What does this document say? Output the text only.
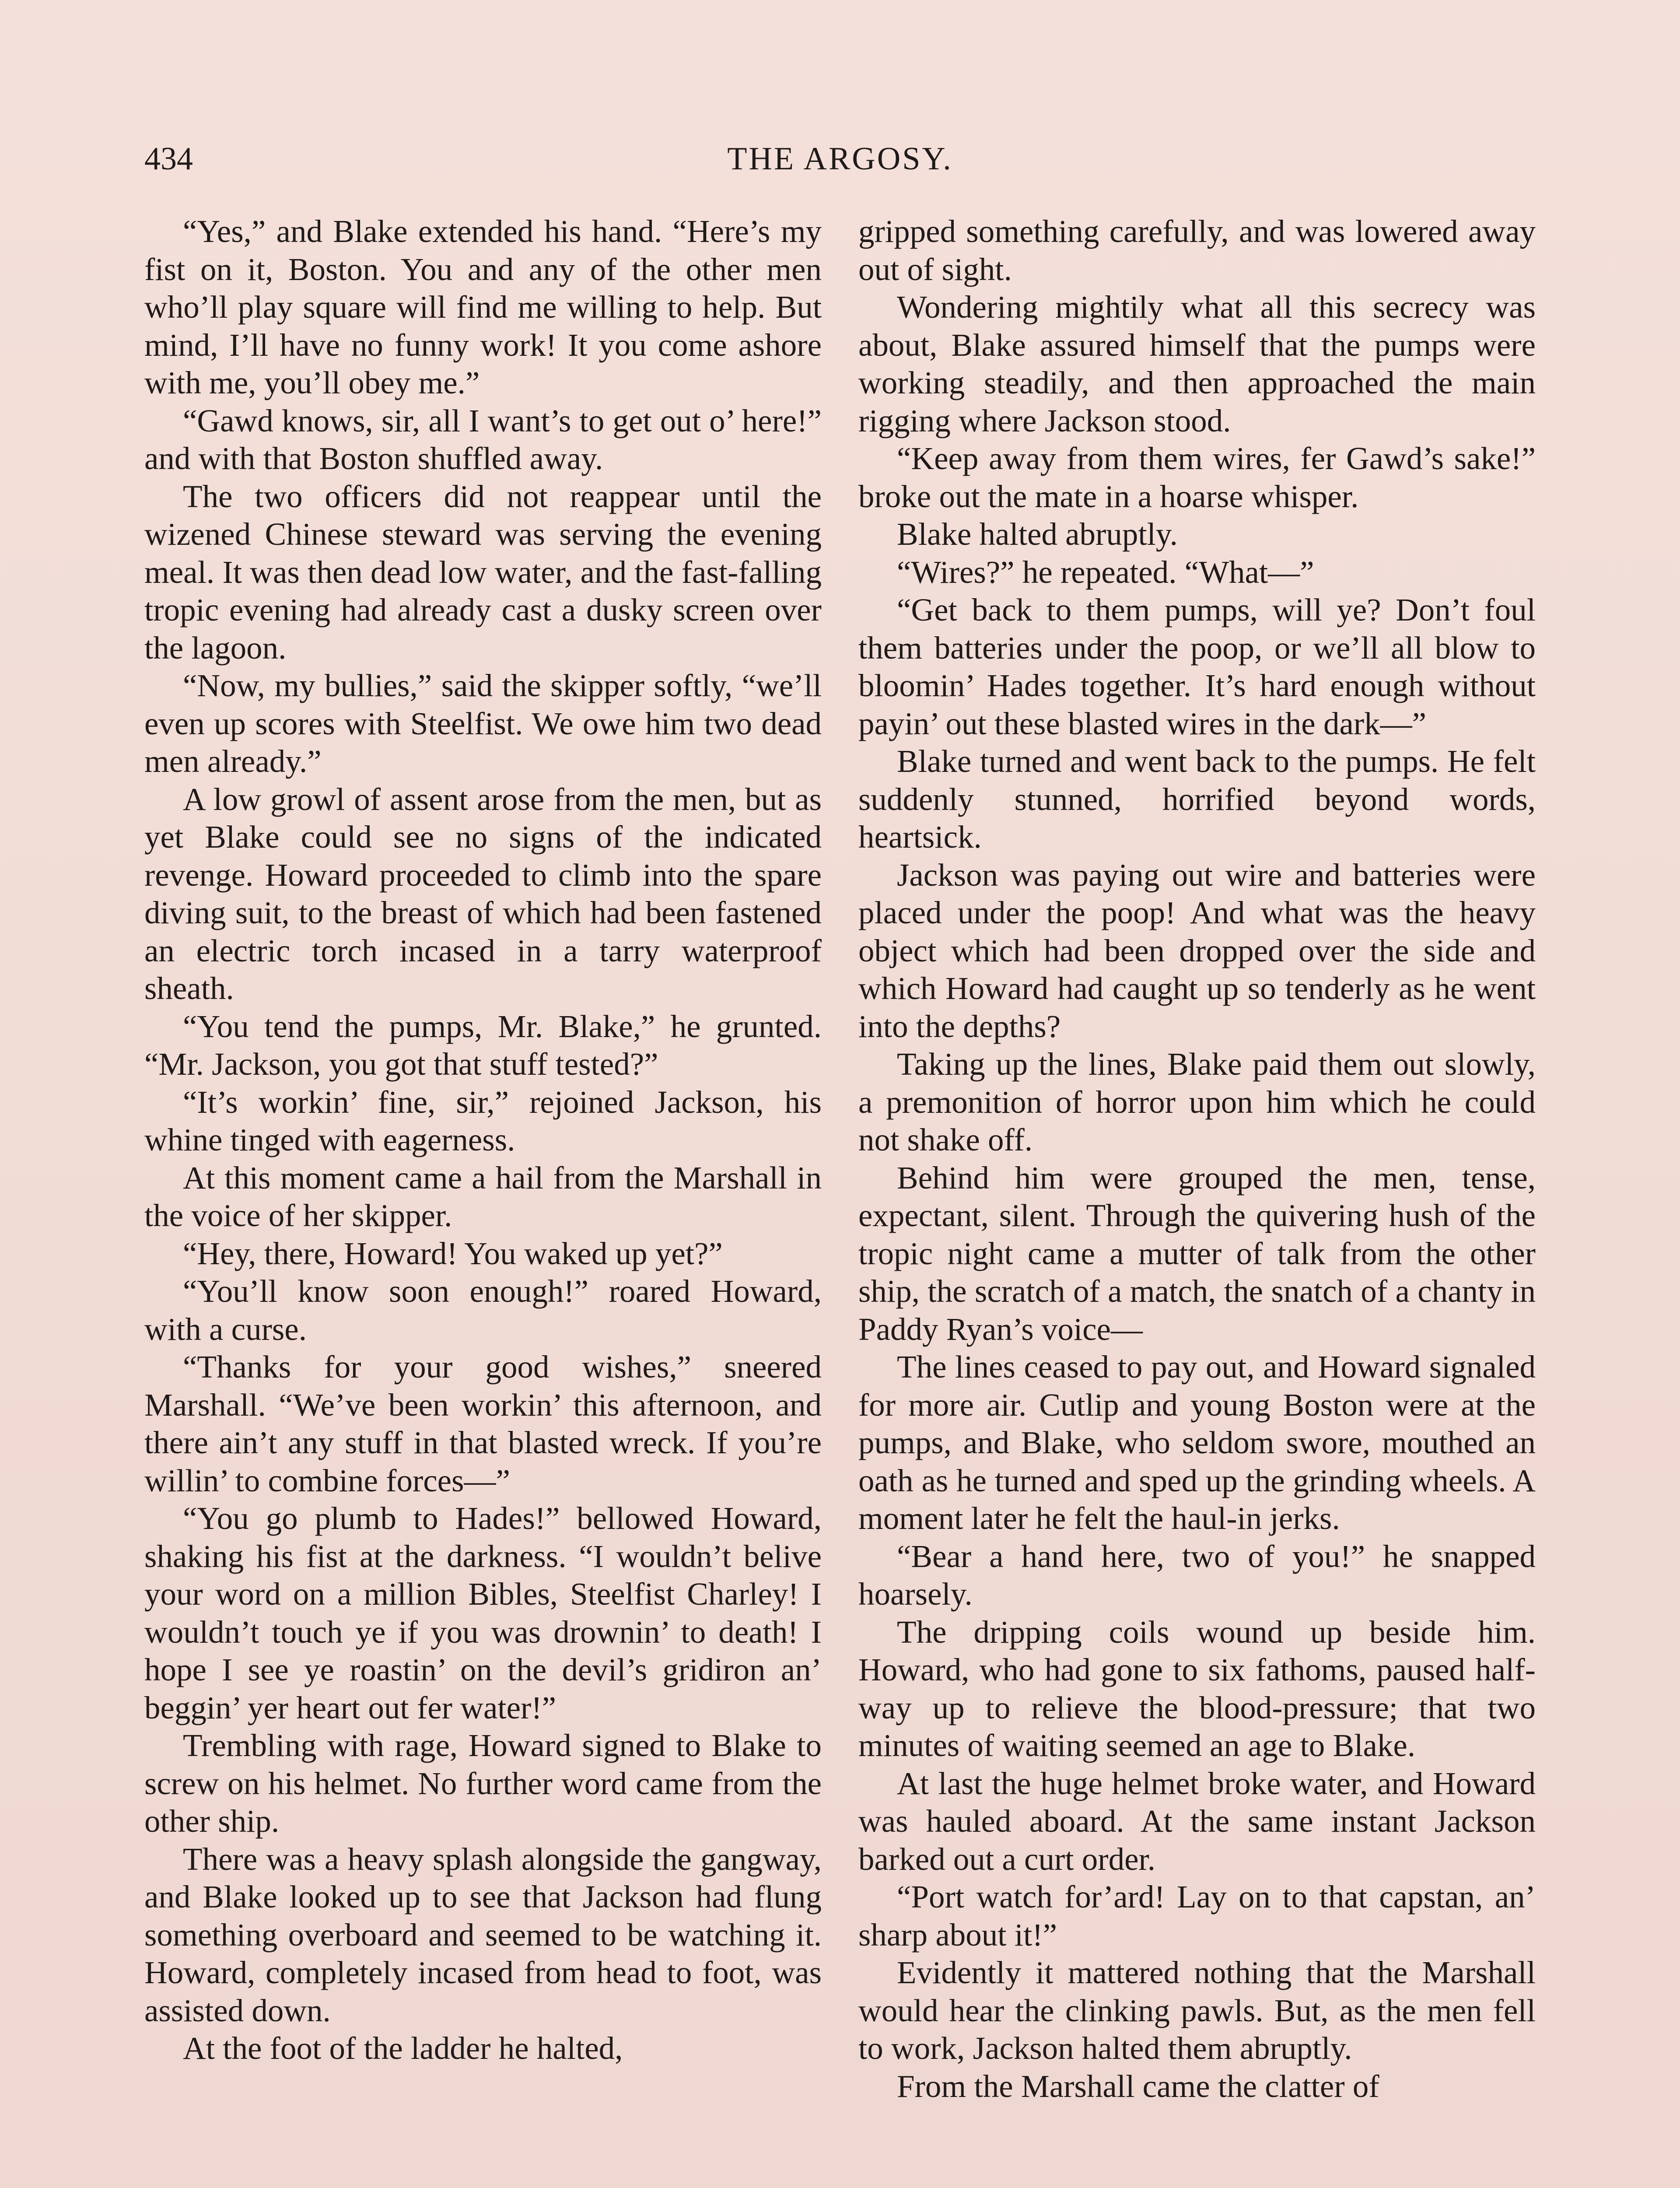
434	THE ARGOSY.

“Yes,” and Blake extended his hand. “Here’s my fist on it, Boston. You and any of the other men who’ll play square will find me willing to help. But mind, I’ll have no funny work! It you come ashore with me, you’ll obey me.”

“Gawd knows, sir, all I want’s to get out o’ here!” and with that Boston shuffled away.

The two officers did not reappear until the wizened Chinese steward was serving the evening meal. It was then dead low water, and the fast-falling tropic evening had already cast a dusky screen over the lagoon.

“Now, my bullies,” said the skipper softly, “we’ll even up scores with Steelfist. We owe him two dead men already.”

A low growl of assent arose from the men, but as yet Blake could see no signs of the indicated revenge. Howard proceeded to climb into the spare diving suit, to the breast of which had been fastened an electric torch incased in a tarry waterproof sheath.

“You tend the pumps, Mr. Blake,” he grunted. “Mr. Jackson, you got that stuff tested?”

“It’s workin’ fine, sir,” rejoined Jackson, his whine tinged with eagerness.

At this moment came a hail from the Marshall in the voice of her skipper.

“Hey, there, Howard! You waked up yet?”

“You’ll know soon enough!” roared Howard, with a curse.

“Thanks for your good wishes,” sneered Marshall. “We’ve been workin’ this afternoon, and there ain’t any stuff in that blasted wreck. If you’re willin’ to combine forces—”

“You go plumb to Hades!” bellowed Howard, shaking his fist at the darkness. “I wouldn’t belive your word on a million Bibles, Steelfist Charley! I wouldn’t touch ye if you was drownin’ to death! I hope I see ye roastin’ on the devil’s gridiron an’ beggin’ yer heart out fer water!”

Trembling with rage, Howard signed to Blake to screw on his helmet. No further word came from the other ship.

There was a heavy splash alongside the gangway, and Blake looked up to see that Jackson had flung something overboard and seemed to be watching it. Howard, completely incased from head to foot, was assisted down.

At the foot of the ladder he halted,

gripped something carefully, and was lowered away out of sight.

Wondering mightily what all this secrecy was about, Blake assured himself that the pumps were working steadily, and then approached the main rigging where Jackson stood.

“Keep away from them wires, fer Gawd’s sake!” broke out the mate in a hoarse whisper.

Blake halted abruptly.

“Wires?” he repeated. “What—”

“Get back to them pumps, will ye? Don’t foul them batteries under the poop, or we’ll all blow to bloomin’ Hades together. It’s hard enough without payin’ out these blasted wires in the dark—”

Blake turned and went back to the pumps. He felt suddenly stunned, horrified beyond words, heartsick.

Jackson was paying out wire and batteries were placed under the poop! And what was the heavy object which had been dropped over the side and which Howard had caught up so tenderly as he went into the depths?

Taking up the lines, Blake paid them out slowly, a premonition of horror upon him which he could not shake off.

Behind him were grouped the men, tense, expectant, silent. Through the quivering hush of the tropic night came a mutter of talk from the other ship, the scratch of a match, the snatch of a chanty in Paddy Ryan’s voice—

The lines ceased to pay out, and Howard signaled for more air. Cutlip and young Boston were at the pumps, and Blake, who seldom swore, mouthed an oath as he turned and sped up the grinding wheels. A moment later he felt the haul-in jerks.

“Bear a hand here, two of you!” he snapped hoarsely.

The dripping coils wound up beside him. Howard, who had gone to six fathoms, paused half-way up to relieve the blood-pressure; that two minutes of waiting seemed an age to Blake.

At last the huge helmet broke water, and Howard was hauled aboard. At the same instant Jackson barked out a curt order.

“Port watch for’ard! Lay on to that capstan, an’ sharp about it!”

Evidently it mattered nothing that the Marshall would hear the clinking pawls. But, as the men fell to work, Jackson halted them abruptly.

From the Marshall came the clatter of
